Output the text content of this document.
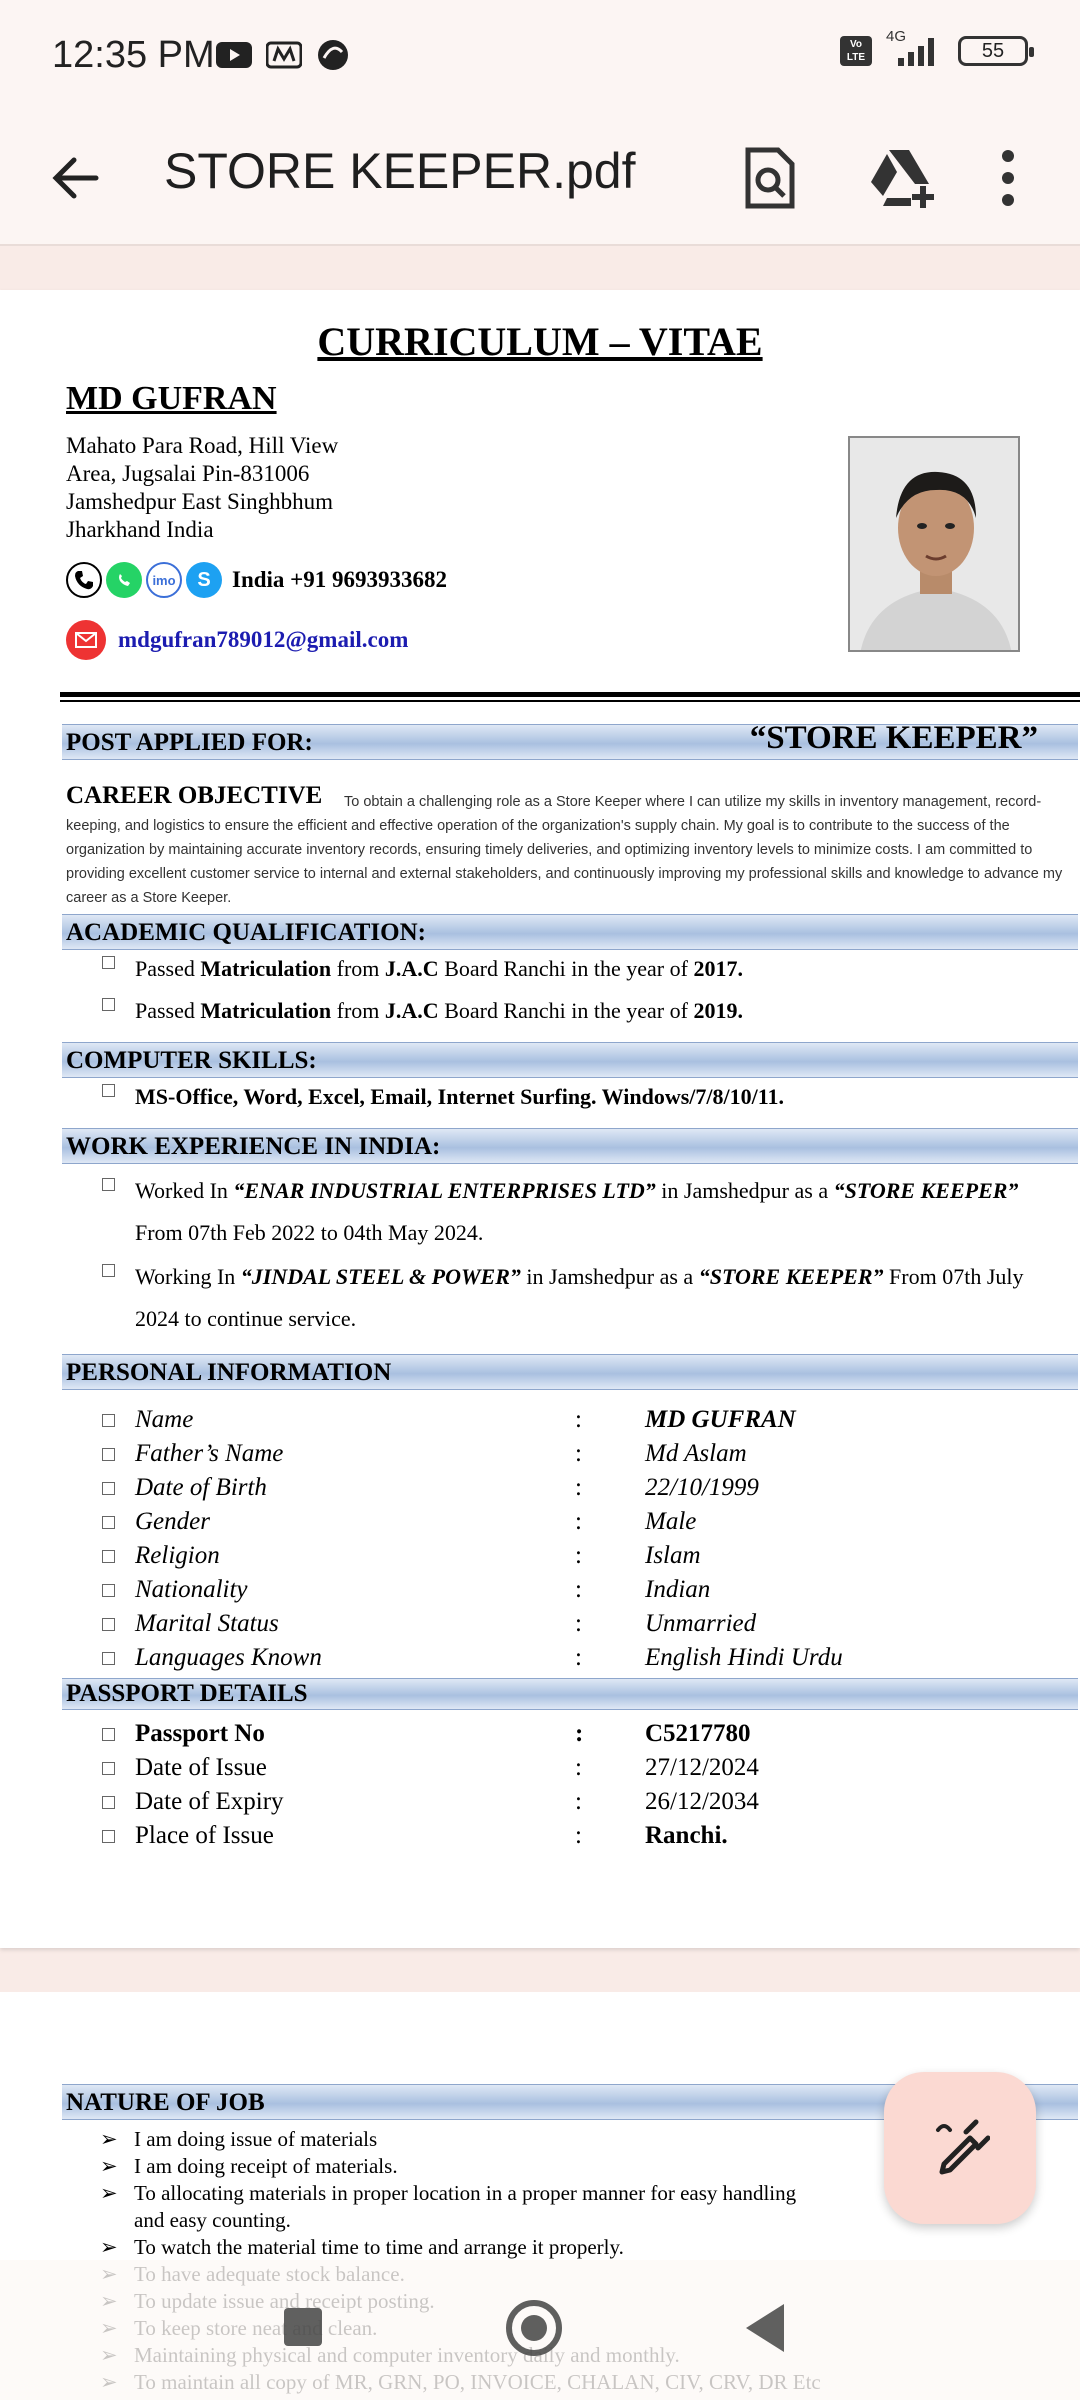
12:35 PM	Vo LTE
4G
55
STORE KEEPER.pdf
CURRICULUM – VITAE
MD GUFRAN
Mahato Para Road, Hill View
Area, Jugsalai Pin-831006
Jamshedpur East Singhbhum
Jharkhand India
imo	S India +91 9693933682
mdgufran789012@gmail.com
POST APPLIED FOR:	“STORE KEEPER”
To obtain a challenging role as a Store Keeper where I can utilize my skills in inventory management, record-keeping, and logistics to ensure the efficient and effective operation of the organization's supply chain. My goal is to contribute to the success of the organization by maintaining accurate inventory records, ensuring timely deliveries, and optimizing inventory levels to minimize costs. I am committed to providing excellent customer service to internal and external stakeholders, and continuously improving my professional skills and knowledge to advance my career as a Store Keeper.
CAREER OBJECTIVE
ACADEMIC QUALIFICATION:
Passed Matriculation from J.A.C Board Ranchi in the year of 2017.
Passed Matriculation from J.A.C Board Ranchi in the year of 2019.
COMPUTER SKILLS:
MS-Office, Word, Excel, Email, Internet Surfing. Windows/7/8/10/11.
WORK EXPERIENCE IN INDIA:
Worked In “ENAR INDUSTRIAL ENTERPRISES LTD” in Jamshedpur as a “STORE KEEPER”
From 07th Feb 2022 to 04th May 2024.
Working In “JINDAL STEEL & POWER” in Jamshedpur as a “STORE KEEPER” From 07th July
2024 to continue service.
PERSONAL INFORMATION
Name	:	MD GUFRAN
Father’s Name	:	Md Aslam
Date of Birth	:	22/10/1999
Gender	:	Male
Religion	:	Islam
Nationality	:	Indian
Marital Status	:	Unmarried
Languages Known	:	English Hindi Urdu
PASSPORT DETAILS
Passport No	:	C5217780
Date of Issue	:	27/12/2024
Date of Expiry	:	26/12/2034
Place of Issue	:	Ranchi.
NATURE OF JOB
➢ I am doing issue of materials
➢ I am doing receipt of materials.
➢ To allocating materials in proper location in a proper manner for easy handling
and easy counting.
➢ To watch the material time to time and arrange it properly.
